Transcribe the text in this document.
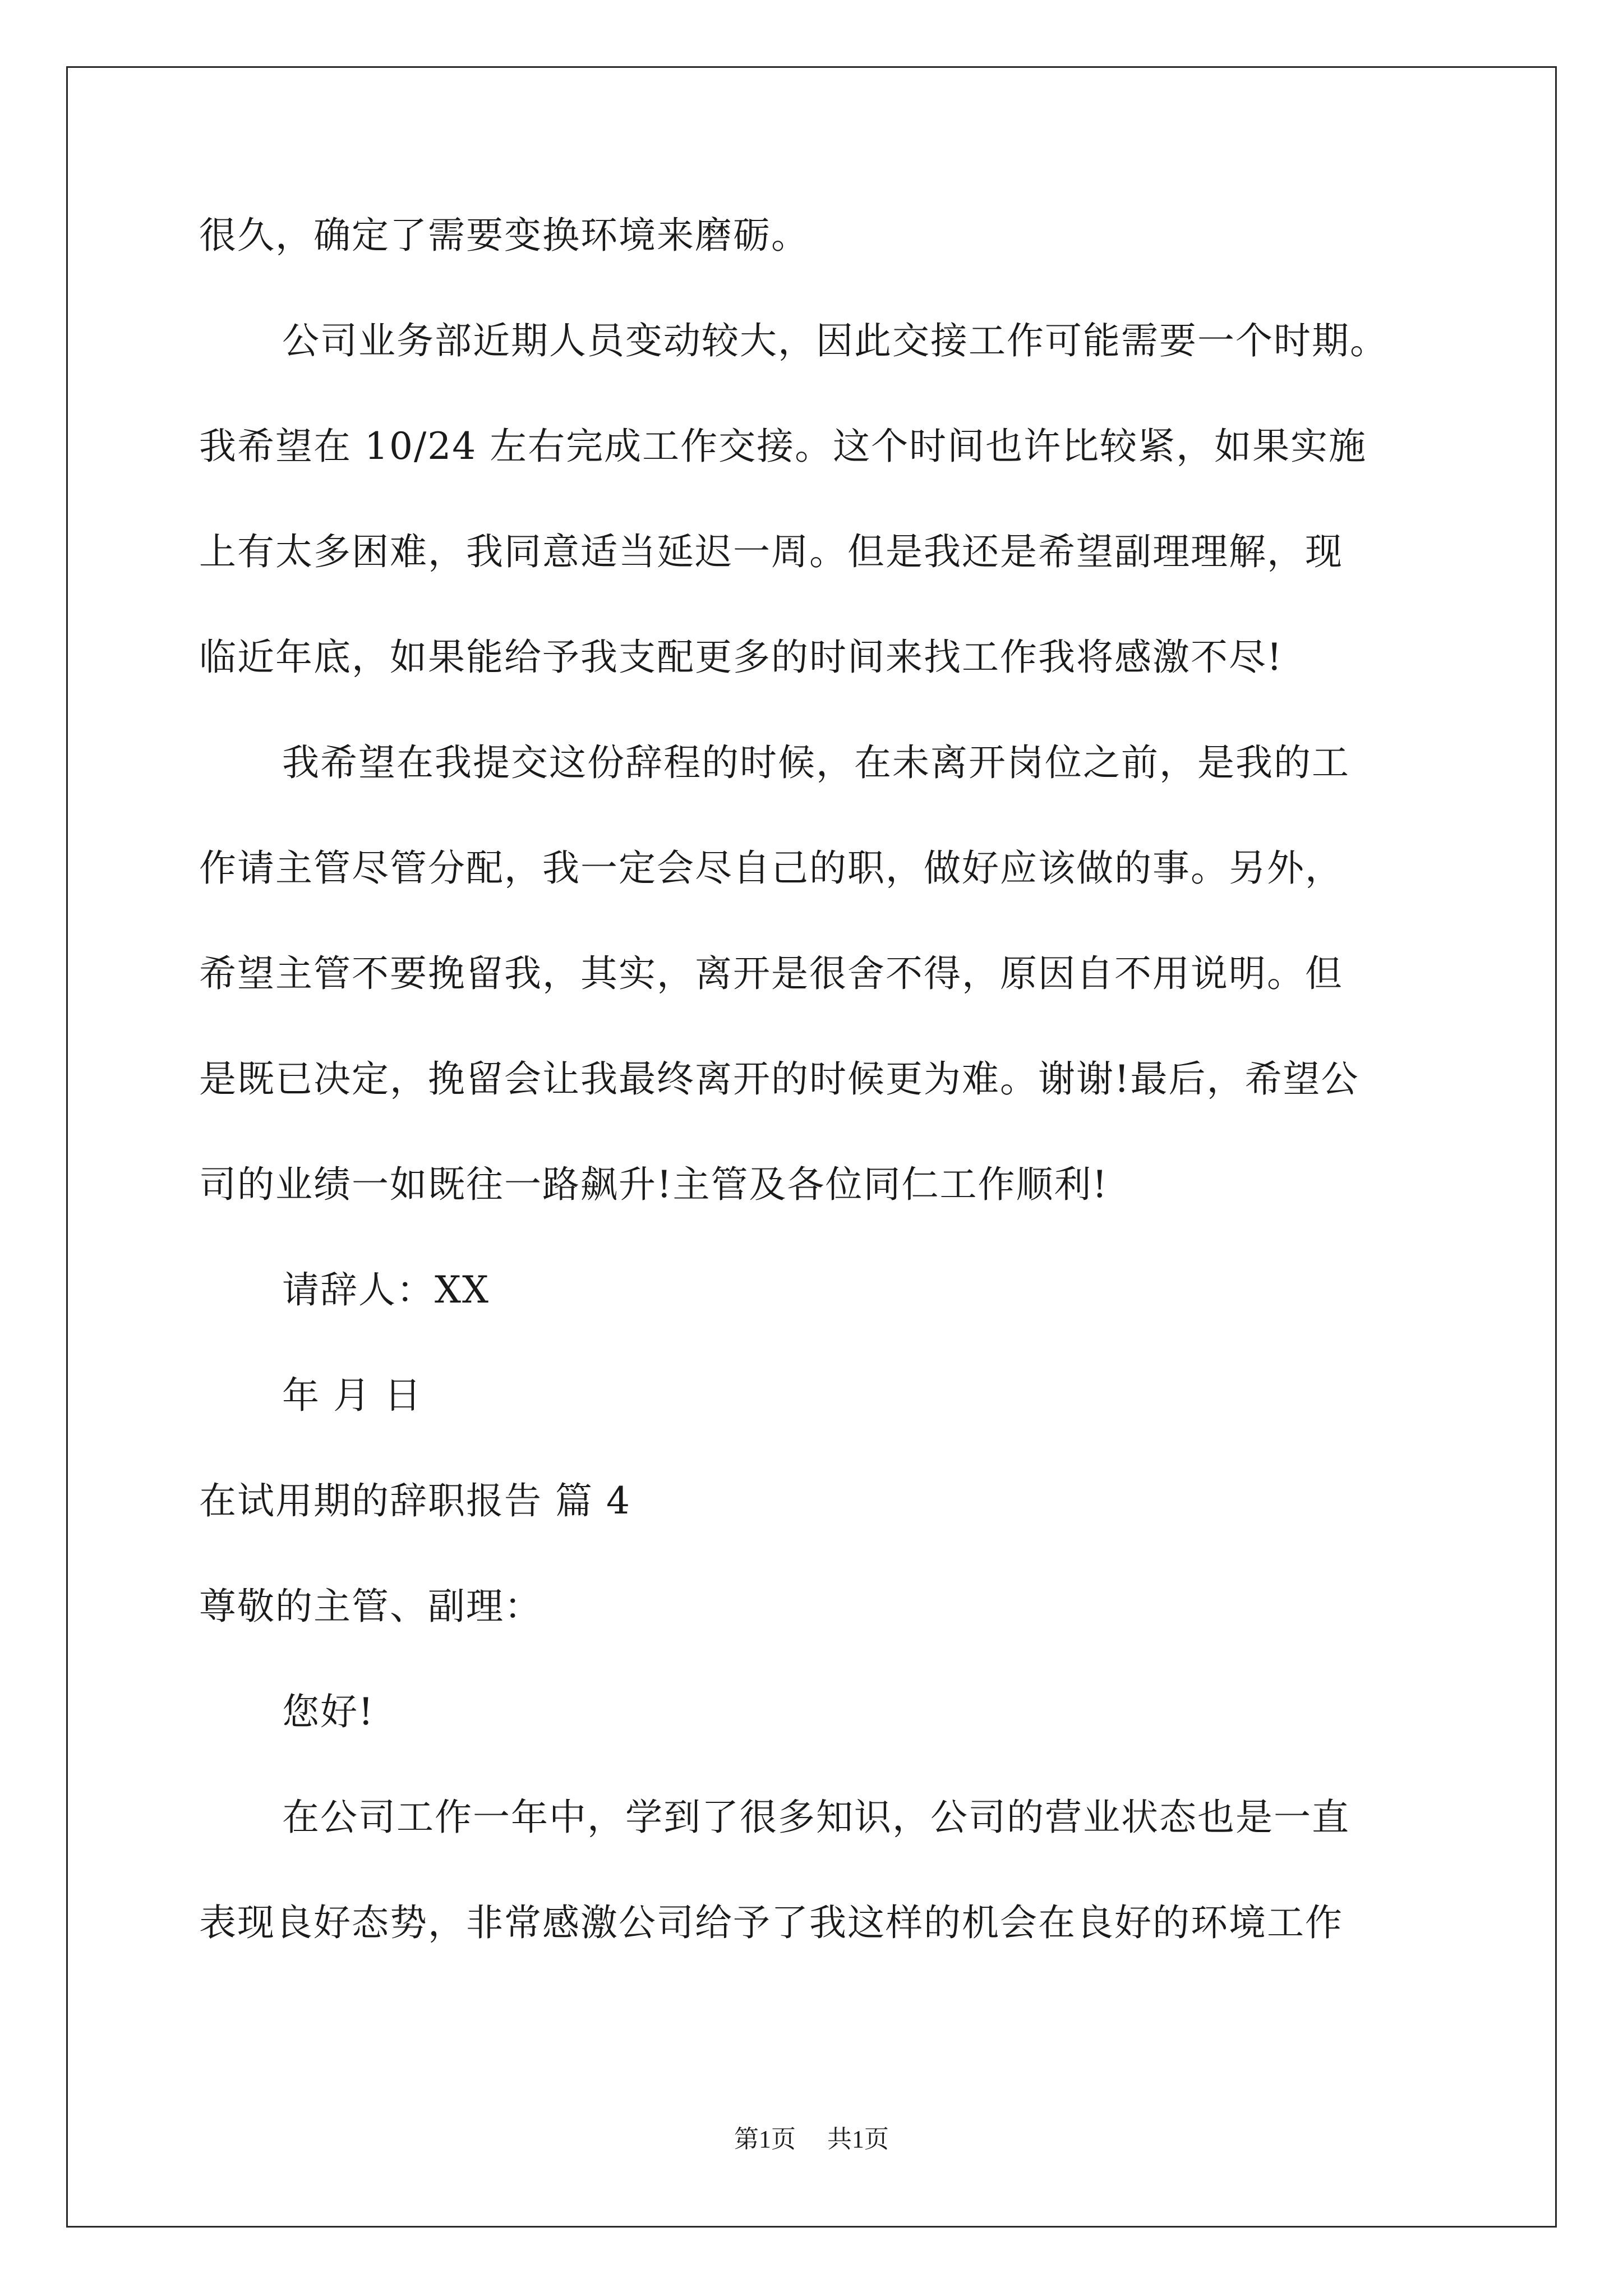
很久，确定了需要变换环境来磨砺。
公司业务部近期人员变动较大，因此交接工作可能需要一个时期。
我希望在 10/24 左右完成工作交接。这个时间也许比较紧，如果实施
上有太多困难，我同意适当延迟一周。但是我还是希望副理理解，现
临近年底，如果能给予我支配更多的时间来找工作我将感激不尽!
我希望在我提交这份辞程的时候，在未离开岗位之前，是我的工
作请主管尽管分配，我一定会尽自己的职，做好应该做的事。另外，
希望主管不要挽留我，其实，离开是很舍不得，原因自不用说明。但
是既已决定，挽留会让我最终离开的时候更为难。谢谢!最后，希望公
司的业绩一如既往一路飙升!主管及各位同仁工作顺利!
请辞人：XX
年 月 日
在试用期的辞职报告 篇 4
尊敬的主管、副理：
您好!
在公司工作一年中，学到了很多知识，公司的营业状态也是一直
表现良好态势，非常感激公司给予了我这样的机会在良好的环境工作
第1页 共1页
